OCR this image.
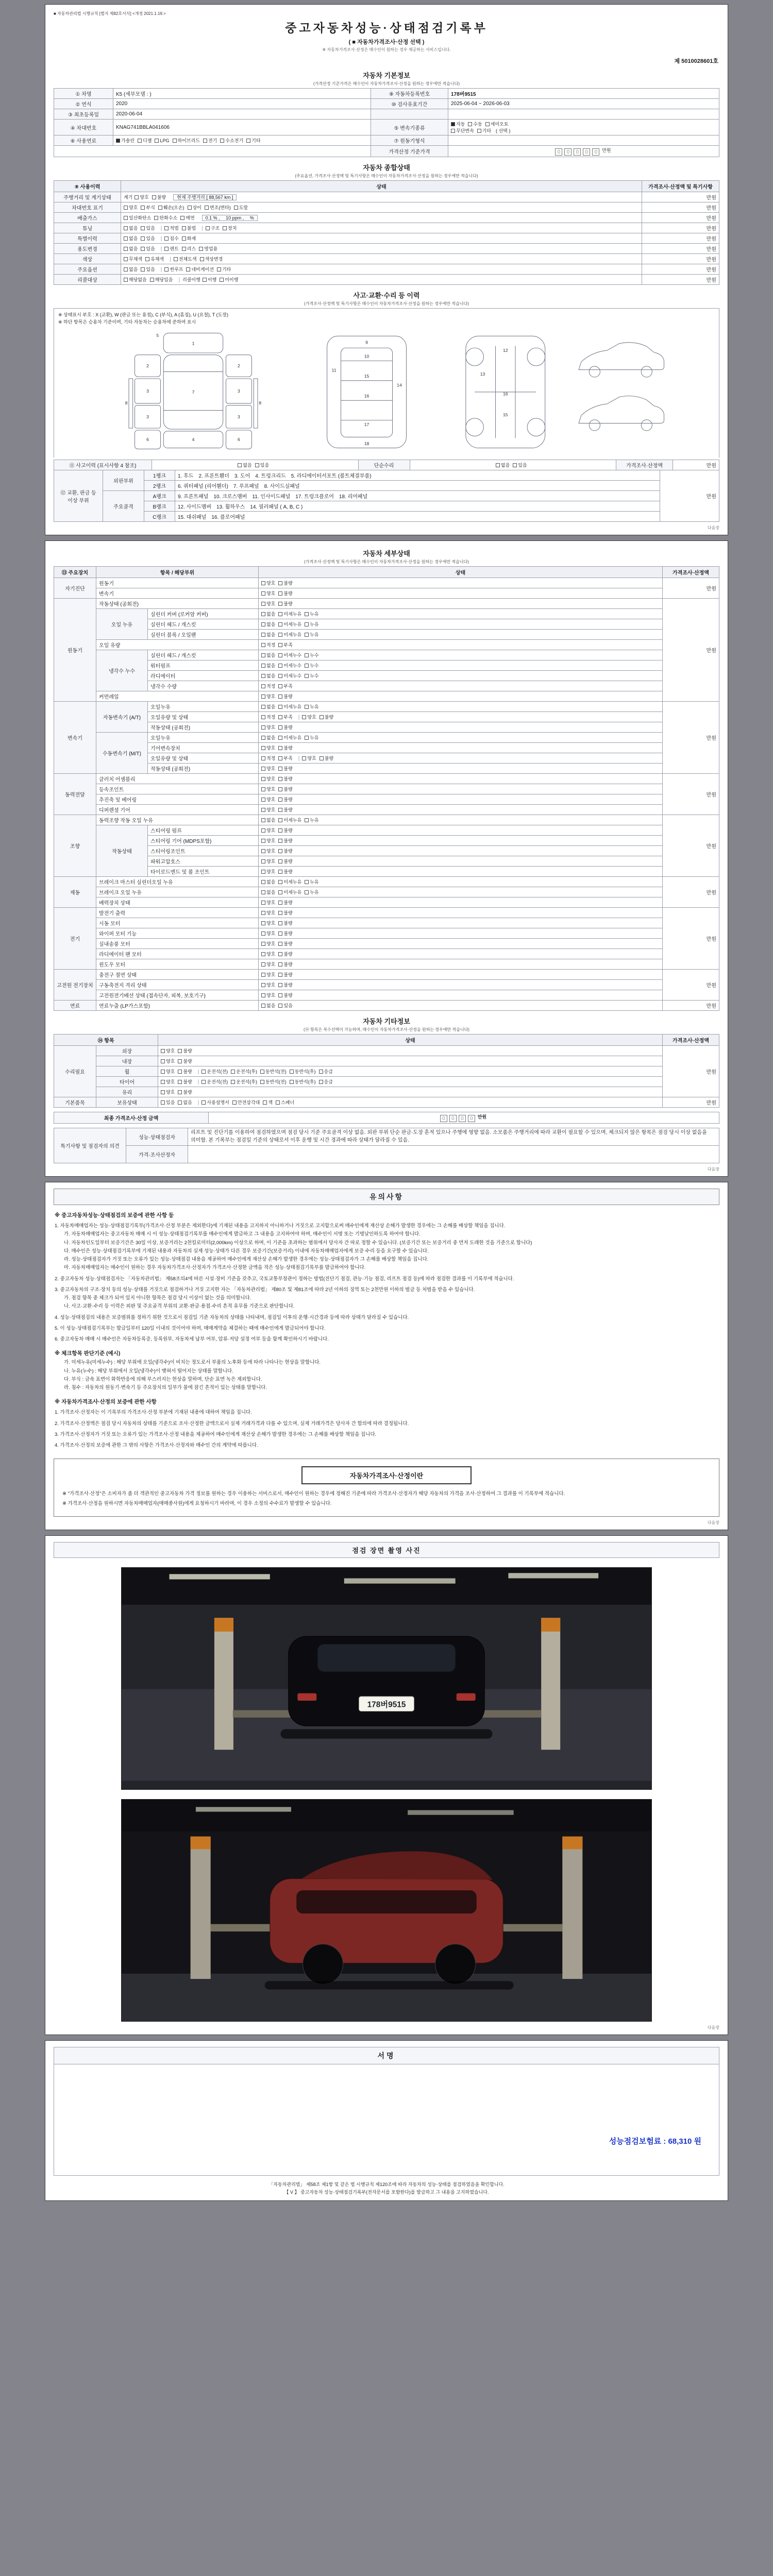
■ 자동차관리법 시행규칙 [별지 제82호서식] <개정 2021.1.19.>
중고자동차성능·상태점검기록부
( ■ 자동차가격조사·산정 선택 )
※ 자동차가격조사·산정은 매수인이 원하는 경우 제공하는 서비스입니다.
제 5010028601호
자동차 기본정보
(가격산정 기준가격은 매수인이 자동차가격조사·산정을 원하는 경우에만 적습니다)
① 차명	K5 (세부모델 : )	⑨ 자동차등록번호	178버9515
② 연식	2020	⑩ 검사유효기간	2025-06-04 ~ 2026-06-03
③ 최초등록일	2020-06-04		
④ 차대번호	KNAG741BBLA041606	⑤ 변속기종류	자동 수동 세미오토
무단변속 기타 ( 선택 )
⑥ 사용연료	가솔린 디젤 LPG 하이브리드 전기 수소전기 기타	⑦ 원동기형식	
		가격산정 기준가격	0 0 0 0 0 만원
자동차 종합상태
(주요옵션, 가격조사·산정액 및 특기사항은 매수인이 자동차가격조사·산정을 원하는 경우에만 적습니다)
⑧ 사용이력	상태	가격조사·산정액 및 특기사항
주행거리 및 계기상태	계기 양호 불량 현재 주행거리 [ 88,567 km ]	만원
차대번호 표기	양호 부식 훼손(오손) 상이 변조(변타) 도말	만원
배출가스	일산화탄소 탄화수소 매연 0.1 % ,　 10 ppm ,　 %	만원
튜닝	없음 있음 | 적법 불법 | 구조 장치	만원
특별이력	없음 있음 | 침수 화재	만원
용도변경	없음 있음 | 렌트 리스 영업용	만원
색상	무채색 유채색 | 전체도색 색상변경	만원
주요옵션	없음 있음 | 썬루프 네비게이션 기타	만원
리콜대상	해당없음 해당있음 | 리콜이행 이행 미이행	만원
사고·교환·수리 등 이력
(가격조사·산정액 및 특기사항은 매수인이 자동차가격조사·산정을 원하는 경우에만 적습니다)
※ 상태표시 부호 : X (교환), W (판금 또는 용접), C (부식), A (흠집), U (요철), T (도장)
※ 하단 항목은 승용차 기준이며, 기타 자동차는 승용차에 준하여 표시
1
7
4
2	2
3	3
3	3
6	6
8	8
5
9
10
11
14
15
16
17
18
12
13
16
15
⑪ 사고이력 (표시사항 4 참조)	없음 있음	단순수리	없음 있음	가격조사·산정액	만원
⑫ 교환, 판금 등 이상 부위	외판부위	1랭크	1. 후드　2. 프론트휀더　3. 도어　4. 트렁크리드　5. 라디에이터서포트 (볼트체결부품)	만원
		2랭크	6. 쿼터패널 (리어휀더)　7. 루프패널　8. 사이드실패널	
	주요골격	A랭크	9. 프론트패널　10. 크로스멤버　11. 인사이드패널　17. 트렁크플로어　18. 리어패널	
		B랭크	12. 사이드멤버　13. 휠하우스　14. 필러패널 ( A, B, C )	
		C랭크	15. 대쉬패널　16. 플로어패널	
다음장
자동차 세부상태
(가격조사·산정액 및 특기사항은 매수인이 자동차가격조사·산정을 원하는 경우에만 적습니다)
⑬ 주요장치	항목 / 해당부위		상태	가격조사·산정액
자기진단	원동기		양호 불량	만원
	변속기		양호 불량	
원동기	작동상태 (공회전)		양호 불량	만원
	오일 누유	실린더 커버 (로커암 커버)	없음 미세누유 누유	
		실린더 헤드 / 개스킷	없음 미세누유 누유	
		실린더 블록 / 오일팬	없음 미세누유 누유	
	오일 유량		적정 부족	
	냉각수 누수	실린더 헤드 / 개스킷	없음 미세누수 누수	
		워터펌프	없음 미세누수 누수	
		라디에이터	없음 미세누수 누수	
		냉각수 수량	적정 부족	
	커먼레일		양호 불량	
변속기	자동변속기 (A/T)	오일누유	없음 미세누유 누유	만원
		오일유량 및 상태	적정 부족 | 양호 불량	
		작동상태 (공회전)	양호 불량	
	수동변속기 (M/T)	오일누유	없음 미세누유 누유	
		기어변속장치	양호 불량	
		오일유량 및 상태	적정 부족 | 양호 불량	
		작동상태 (공회전)	양호 불량	
동력전달	클러치 어셈블리		양호 불량	만원
	등속조인트		양호 불량	
	추진축 및 베어링		양호 불량	
	디퍼렌셜 기어		양호 불량	
조향	동력조향 작동 오일 누유		없음 미세누유 누유	만원
	작동상태	스티어링 펌프	양호 불량	
		스티어링 기어 (MDPS포함)	양호 불량	
		스티어링조인트	양호 불량	
		파워고압호스	양호 불량	
		타이로드엔드 및 볼 조인트	양호 불량	
제동	브레이크 마스터 실린더오일 누유		없음 미세누유 누유	만원
	브레이크 오일 누유		없음 미세누유 누유	
	배력장치 상태		양호 불량	
전기	발전기 출력		양호 불량	만원
	시동 모터		양호 불량	
	와이퍼 모터 기능		양호 불량	
	실내송풍 모터		양호 불량	
	라디에이터 팬 모터		양호 불량	
	윈도우 모터		양호 불량	
고전원 전기장치	충전구 절연 상태		양호 불량	만원
	구동축전지 격리 상태		양호 불량	
	고전원전기배선 상태 (접속단자, 피복, 보호기구)		양호 불량	
연료	연료누출 (LP가스포함)		없음 있음	만원
자동차 기타정보
(⑭ 항목은 복수선택이 가능하며, 매수인이 자동차가격조사·산정을 원하는 경우에만 적습니다)
⑭ 항목		상태	가격조사·산정액
수리필요	외장	양호 불량	만원
	내장	양호 불량	
	휠	양호 불량 | 운전석(전) 운전석(후) 동반석(전) 동반석(후) 응급	
	타이어	양호 불량 | 운전석(전) 운전석(후) 동반석(전) 동반석(후) 응급	
	유리	양호 불량	
기본품목	보유상태	있음 없음 | 사용설명서 안전삼각대 잭 스패너	만원
최종 가격조사·산정 금액	0 0 0 0 만원
특기사항 및 점검자의 의견	성능·상태점검자	리프트 및 진단기를 이용하여 점검하였으며 점검 당시 기준 주요골격 이상 없음. 외판 부위 단순 판금·도장 흔적 있으나 주행에 영향 없음. 소모품은 주행거리에 따라 교환이 필요할 수 있으며, 체크되지 않은 항목은 점검 당시 이상 없음을 의미함. 본 기록부는 점검일 기준의 상태로서 이후 운행 및 시간 경과에 따라 상태가 달라질 수 있음.
	가격·조사산정자	
다음장
유의사항
※ 중고자동차성능·상태점검의 보증에 관한 사항 등
1. 자동차매매업자는 성능·상태점검기록부(가격조사·산정 부분은 제외한다)에 기재된 내용을 고지하지 아니하거나 거짓으로 고지함으로써 매수인에게 재산상 손해가 발생한 경우에는 그 손해를 배상할 책임을 집니다.
가. 자동차매매업자는 중고자동차 매매 시 이 성능·상태점검기록부를 매수인에게 발급하고 그 내용을 고지하여야 하며, 매수인이 서명 또는 기명날인하도록 하여야 합니다.
나. 자동차인도일부터 보증기간은 30일 이상, 보증거리는 2천킬로미터(2,000km) 이상으로 하며, 이 기준을 초과하는 범위에서 당사자 간 따로 정할 수 있습니다. (보증기간 또는 보증거리 중 먼저 도래한 것을 기준으로 합니다)
다. 매수인은 성능·상태점검기록부에 기재된 내용과 자동차의 실제 성능·상태가 다른 경우 보증기간(보증거리) 이내에 자동차매매업자에게 보증 수리 등을 요구할 수 있습니다.
라. 성능·상태점검자가 거짓 또는 오류가 있는 성능·상태점검 내용을 제공하여 매수인에게 재산상 손해가 발생한 경우에는 성능·상태점검자가 그 손해를 배상할 책임을 집니다.
마. 자동차매매업자는 매수인이 원하는 경우 자동차가격조사·산정자가 가격조사·산정한 금액을 적은 성능·상태점검기록부를 발급하여야 합니다.
2. 중고자동차 성능·상태점검자는 「자동차관리법」 제58조의4에 따른 시설·장비 기준을 갖추고, 국토교통부장관이 정하는 방법(진단기 점검, 관능·기능 점검, 리프트 점검 등)에 따라 점검한 결과를 이 기록부에 적습니다.
3. 중고자동차의 구조·장치 등의 성능·상태를 거짓으로 점검하거나 거짓 고지한 자는 「자동차관리법」 제80조 및 제81조에 따라 2년 이하의 징역 또는 2천만원 이하의 벌금 등 처벌을 받을 수 있습니다.
가. 점검 항목 중 체크가 되어 있지 아니한 항목은 점검 당시 이상이 없는 것을 의미합니다.
나. 사고·교환·수리 등 이력은 외판 및 주요골격 부위의 교환·판금·용접·수리 흔적 유무를 기준으로 판단합니다.
4. 성능·상태점검의 내용은 보증범위를 정하기 위한 것으로서 점검일 기준 자동차의 상태를 나타내며, 점검일 이후의 운행·시간경과 등에 따라 상태가 달라질 수 있습니다.
5. 이 성능·상태점검기록부는 발급일부터 120일 이내의 것이어야 하며, 매매계약을 체결하는 때에 매수인에게 발급되어야 합니다.
6. 중고자동차 매매 시 매수인은 자동차등록증, 등록원부, 자동차세 납부 여부, 압류·저당 설정 여부 등을 함께 확인하시기 바랍니다.
※ 체크항목 판단기준 (예시)
가. 미세누유(미세누수) : 해당 부위에 오일(냉각수)이 비치는 정도로서 부품의 노후화 등에 따라 나타나는 현상을 말합니다.
나. 누유(누수) : 해당 부위에서 오일(냉각수)이 맺혀서 떨어지는 상태를 말합니다.
다. 부식 : 금속 표면이 화학반응에 의해 부스러지는 현상을 말하며, 단순 표면 녹은 제외합니다.
라. 침수 : 자동차의 원동기·변속기 등 주요장치의 일부가 물에 잠긴 흔적이 있는 상태를 말합니다.
※ 자동차가격조사·산정의 보증에 관한 사항
1. 가격조사·산정자는 이 기록부의 가격조사·산정 부분에 기재된 내용에 대하여 책임을 집니다.
2. 가격조사·산정액은 점검 당시 자동차의 상태를 기준으로 조사·산정한 금액으로서 실제 거래가격과 다를 수 있으며, 실제 거래가격은 당사자 간 합의에 따라 결정됩니다.
3. 가격조사·산정자가 거짓 또는 오류가 있는 가격조사·산정 내용을 제공하여 매수인에게 재산상 손해가 발생한 경우에는 그 손해를 배상할 책임을 집니다.
4. 가격조사·산정의 보증에 관한 그 밖의 사항은 가격조사·산정자와 매수인 간의 계약에 따릅니다.
자동차가격조사·산정이란

※ "가격조사·산정"은 소비자가 좀 더 객관적인 중고자동차 가격 정보를 원하는 경우 이용하는 서비스로서, 매수인이 원하는 경우에 정해진 기준에 따라 가격조사·산정자가 해당 자동차의 가격을 조사·산정하여 그 결과를 이 기록부에 적습니다.

※ 가격조사·산정을 원하시면 자동차매매업자(매매종사원)에게 요청하시기 바라며, 이 경우 소정의 수수료가 발생할 수 있습니다.

다음장
점검 장면 촬영 사진
178버9515
다음장
서명
성능점검보험료 : 68,310 원
「자동차관리법」 제58조 제1항 및 같은 법 시행규칙 제120조에 따라 자동차의 성능·상태를 점검하였음을 확인합니다.
【 V 】 중고자동차 성능·상태점검기록부(전자문서를 포함한다)를 발급하고 그 내용을 고지하였습니다.
